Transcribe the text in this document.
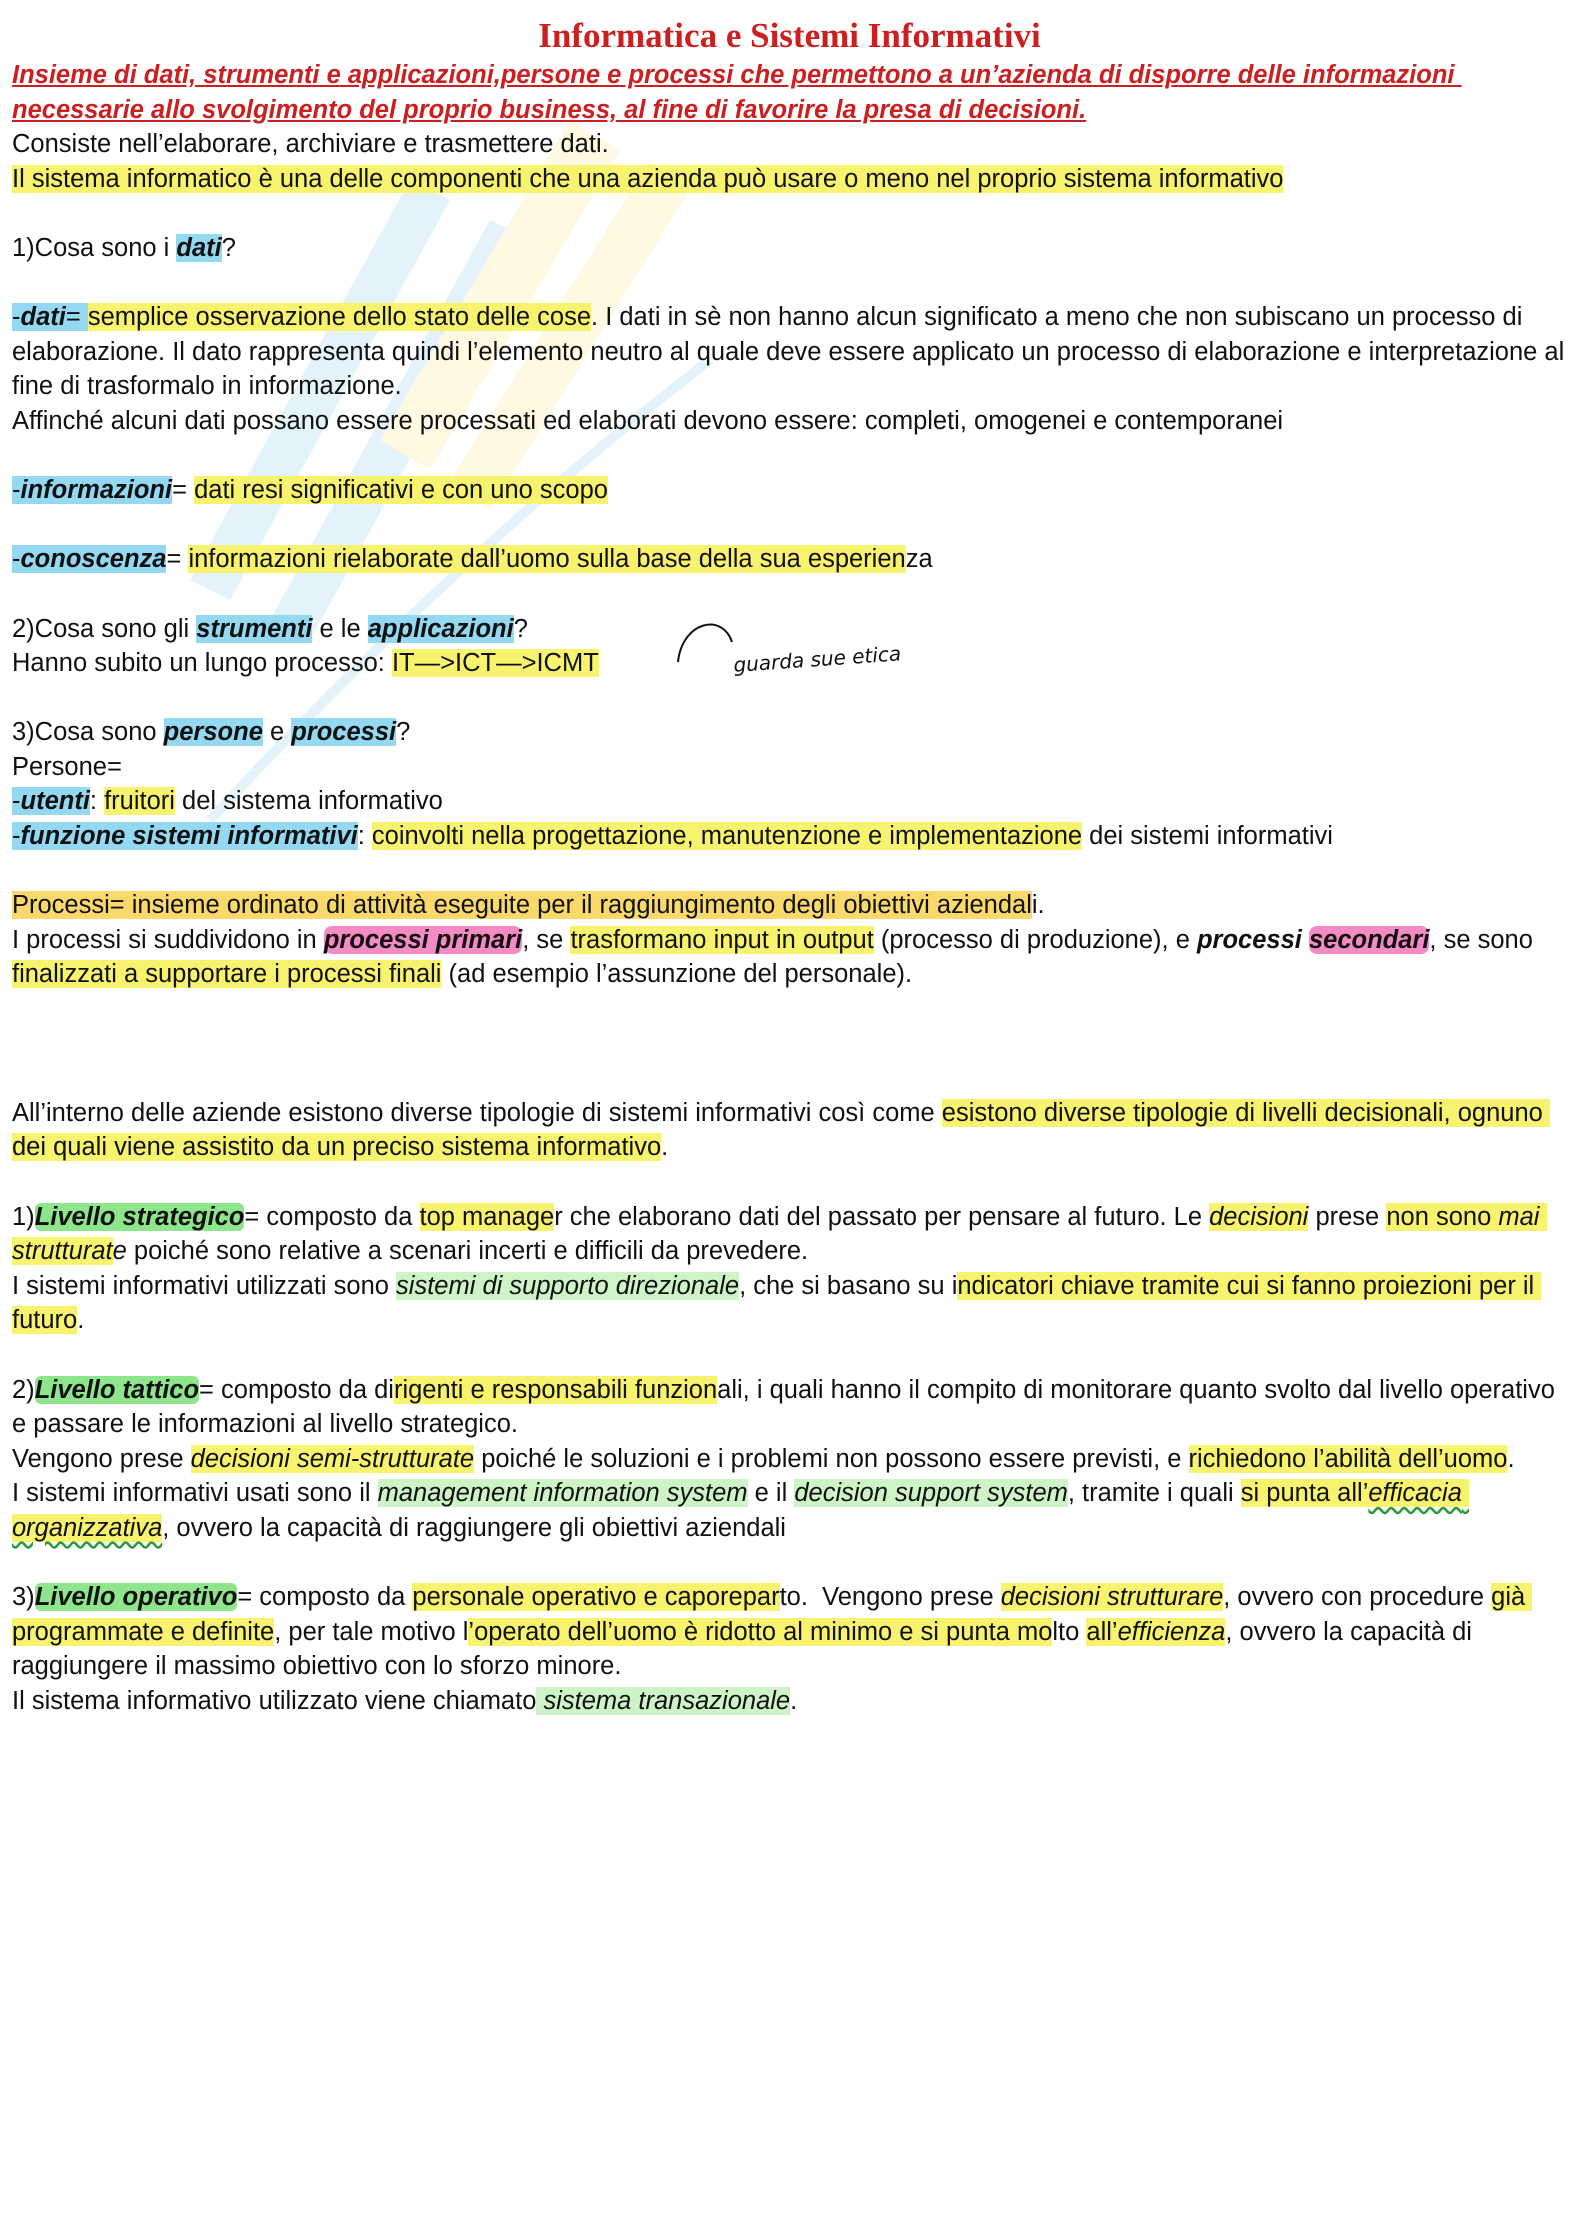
guarda sue etica
Informatica e Sistemi Informativi

Insieme di dati, strumenti e applicazioni,persone e processi che permettono a un’azienda di disporre delle informazioni necessarie allo svolgimento del proprio business, al fine di favorire la presa di decisioni.

Consiste nell’elaborare, archiviare e trasmettere dati.

Il sistema informatico è una delle componenti che una azienda può usare o meno nel proprio sistema informativo

1)Cosa sono i dati?

-dati= semplice osservazione dello stato delle cose. I dati in sè non hanno alcun significato a meno che non subiscano un processo di elaborazione. Il dato rappresenta quindi l’elemento neutro al quale deve essere applicato un processo di elaborazione e interpretazione al fine di trasformalo in informazione.

Affinché alcuni dati possano essere processati ed elaborati devono essere: completi, omogenei e contemporanei

-informazioni= dati resi significativi e con uno scopo

-conoscenza= informazioni rielaborate dall’uomo sulla base della sua esperienza

2)Cosa sono gli strumenti e le applicazioni?

Hanno subito un lungo processo: IT—>ICT—>ICMT

3)Cosa sono persone e processi?

Persone=

-utenti: fruitori del sistema informativo

-funzione sistemi informativi: coinvolti nella progettazione, manutenzione e implementazione dei sistemi informativi

Processi= insieme ordinato di attività eseguite per il raggiungimento degli obiettivi aziendali.

I processi si suddividono in processi primari, se trasformano input in output (processo di produzione), e processi secondari, se sono finalizzati a supportare i processi finali (ad esempio l’assunzione del personale).

All’interno delle aziende esistono diverse tipologie di sistemi informativi così come esistono diverse tipologie di livelli decisionali, ognuno dei quali viene assistito da un preciso sistema informativo.

1)Livello strategico= composto da top manager che elaborano dati del passato per pensare al futuro. Le decisioni prese non sono mai strutturate poiché sono relative a scenari incerti e difficili da prevedere.

I sistemi informativi utilizzati sono sistemi di supporto direzionale, che si basano su indicatori chiave tramite cui si fanno proiezioni per il futuro.

2)Livello tattico= composto da dirigenti e responsabili funzionali, i quali hanno il compito di monitorare quanto svolto dal livello operativo e passare le informazioni al livello strategico.

Vengono prese decisioni semi-strutturate poiché le soluzioni e i problemi non possono essere previsti, e richiedono l’abilità dell’uomo.

I sistemi informativi usati sono il management information system e il decision support system, tramite i quali si punta all’efficacia organizzativa, ovvero la capacità di raggiungere gli obiettivi aziendali

3)Livello operativo= composto da personale operativo e caporeparto.  Vengono prese decisioni strutturare, ovvero con procedure già programmate e definite, per tale motivo l’operato dell’uomo è ridotto al minimo e si punta molto all’efficienza, ovvero la capacità di raggiungere il massimo obiettivo con lo sforzo minore.

Il sistema informativo utilizzato viene chiamato sistema transazionale.
